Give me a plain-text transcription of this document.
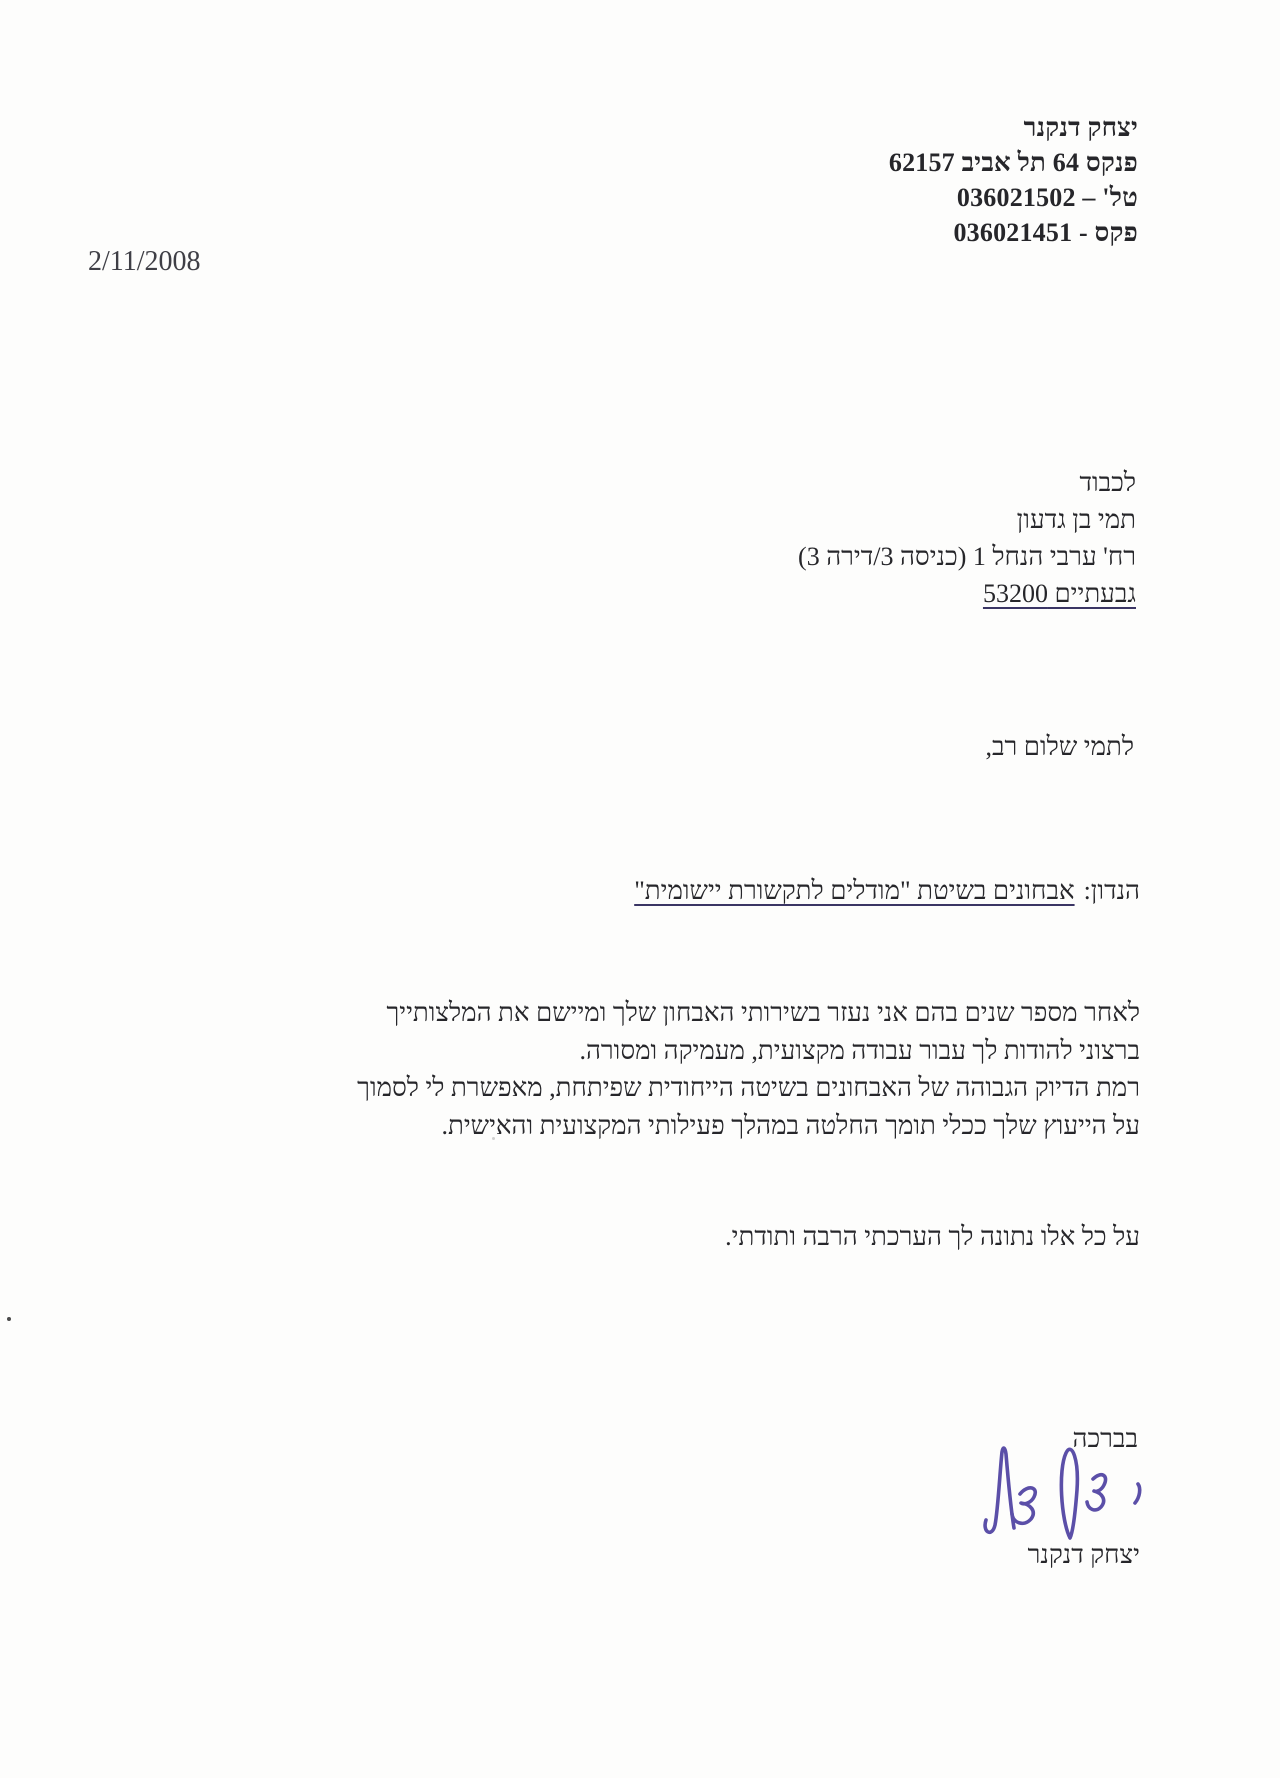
יצחק דנקנר
פנקס 64 תל אביב 62157
טל' – 036021502
פקס - 036021451
2/11/2008
לכבוד
תמי בן גדעון
רח' ערבי הנחל 1 (כניסה 3/דירה 3)
גבעתיים 53200
לתמי שלום רב,
הנדון:אבחונים בשיטת "מודלים לתקשורת יישומית"
לאחר מספר שנים בהם אני נעזר בשירותי האבחון שלך ומיישם את המלצותייך
ברצוני להודות לך עבור עבודה מקצועית, מעמיקה ומסורה.
רמת הדיוק הגבוהה של האבחונים בשיטה הייחודית שפיתחת, מאפשרת לי לסמוך
על הייעוץ שלך ככלי תומך החלטה במהלך פעילותי המקצועית והאישית.
על כל אלו נתונה לך הערכתי הרבה ותודתי.
בברכה
יצחק דנקנר
